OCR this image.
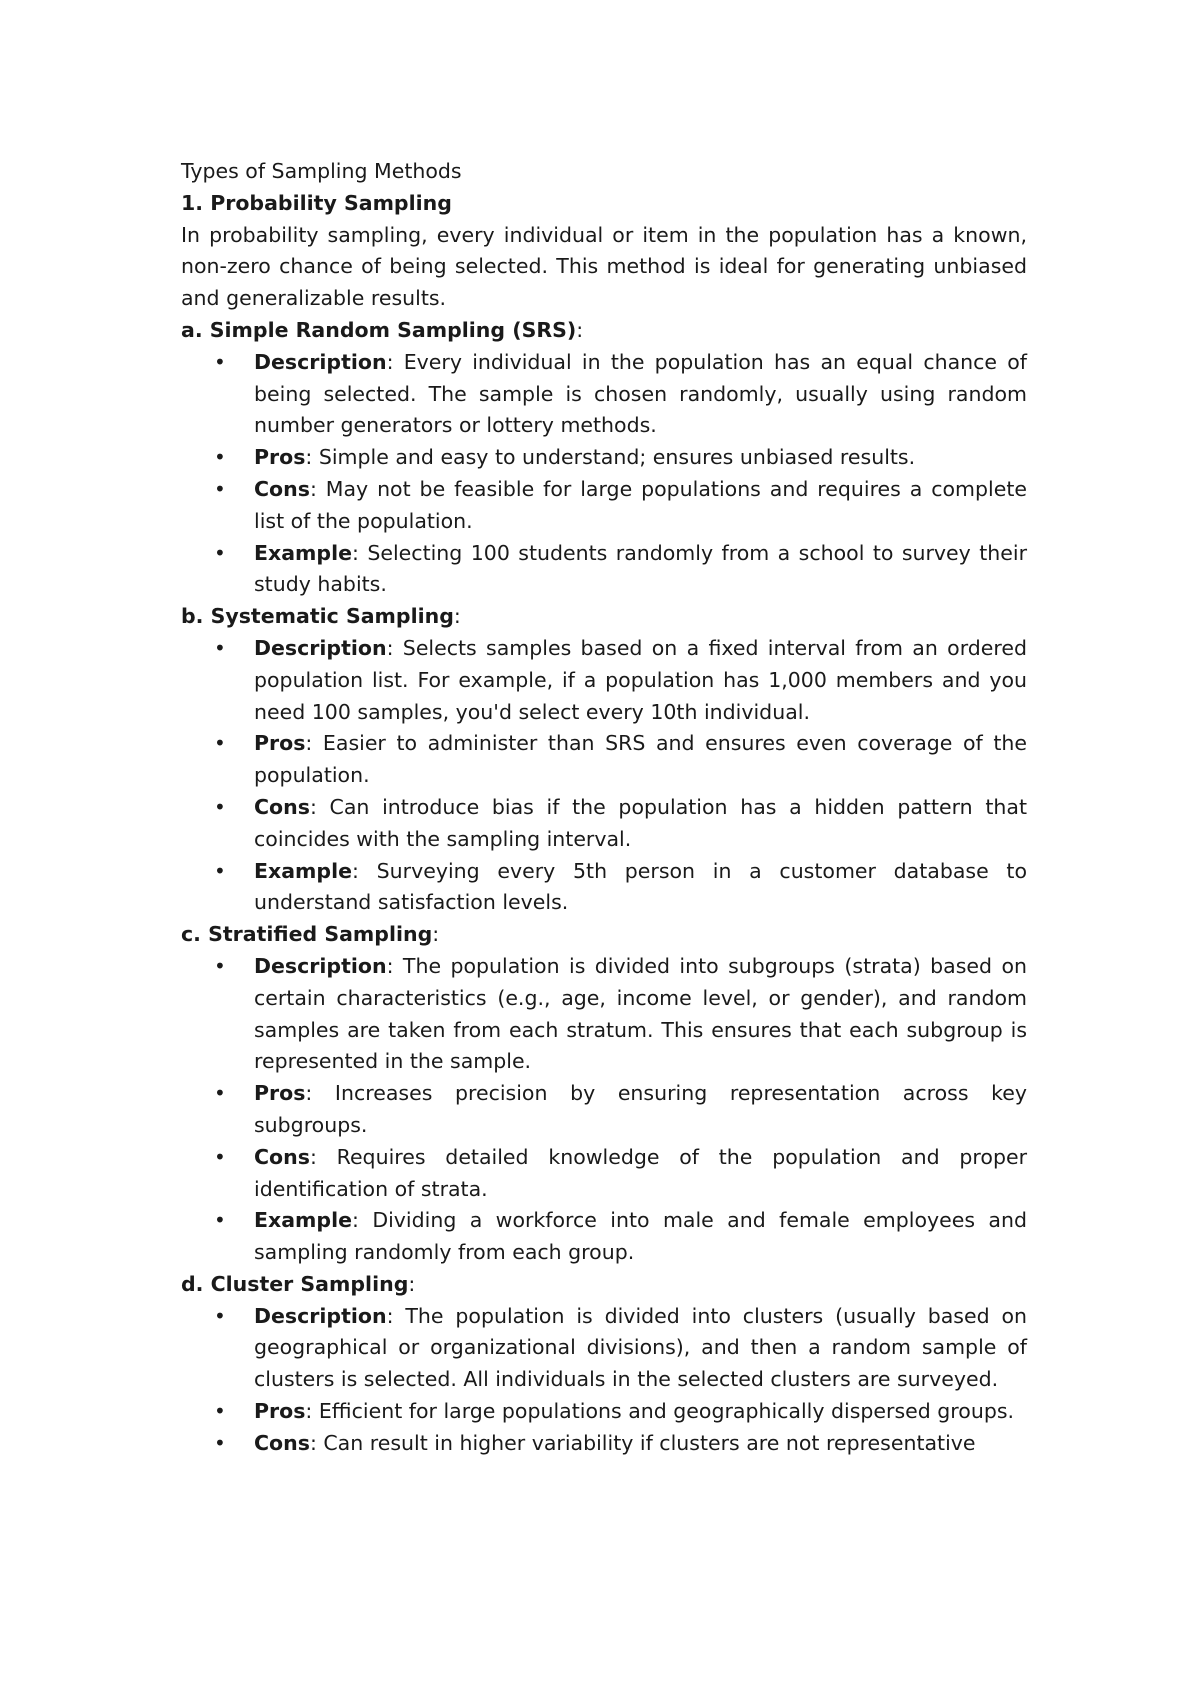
Types of Sampling Methods

1. Probability Sampling

In probability sampling, every individual or item in the population has a known, non-zero chance of being selected. This method is ideal for generating unbiased and generalizable results.

a. Simple Random Sampling (SRS):

• Description: Every individual in the population has an equal chance of being selected. The sample is chosen randomly, usually using random number generators or lottery methods.
• Pros: Simple and easy to understand; ensures unbiased results.
• Cons: May not be feasible for large populations and requires a complete list of the population.
• Example: Selecting 100 students randomly from a school to survey their study habits.

b. Systematic Sampling:

• Description: Selects samples based on a fixed interval from an ordered population list. For example, if a population has 1,000 members and you need 100 samples, you'd select every 10th individual.
• Pros: Easier to administer than SRS and ensures even coverage of the population.
• Cons: Can introduce bias if the population has a hidden pattern that coincides with the sampling interval.
• Example: Surveying every 5th person in a customer database to understand satisfaction levels.

c. Stratified Sampling:

• Description: The population is divided into subgroups (strata) based on certain characteristics (e.g., age, income level, or gender), and random samples are taken from each stratum. This ensures that each subgroup is represented in the sample.
• Pros: Increases precision by ensuring representation across key subgroups.
• Cons: Requires detailed knowledge of the population and proper identification of strata.
• Example: Dividing a workforce into male and female employees and sampling randomly from each group.

d. Cluster Sampling:

• Description: The population is divided into clusters (usually based on geographical or organizational divisions), and then a random sample of clusters is selected. All individuals in the selected clusters are surveyed.
• Pros: Efficient for large populations and geographically dispersed groups.
• Cons: Can result in higher variability if clusters are not representative
